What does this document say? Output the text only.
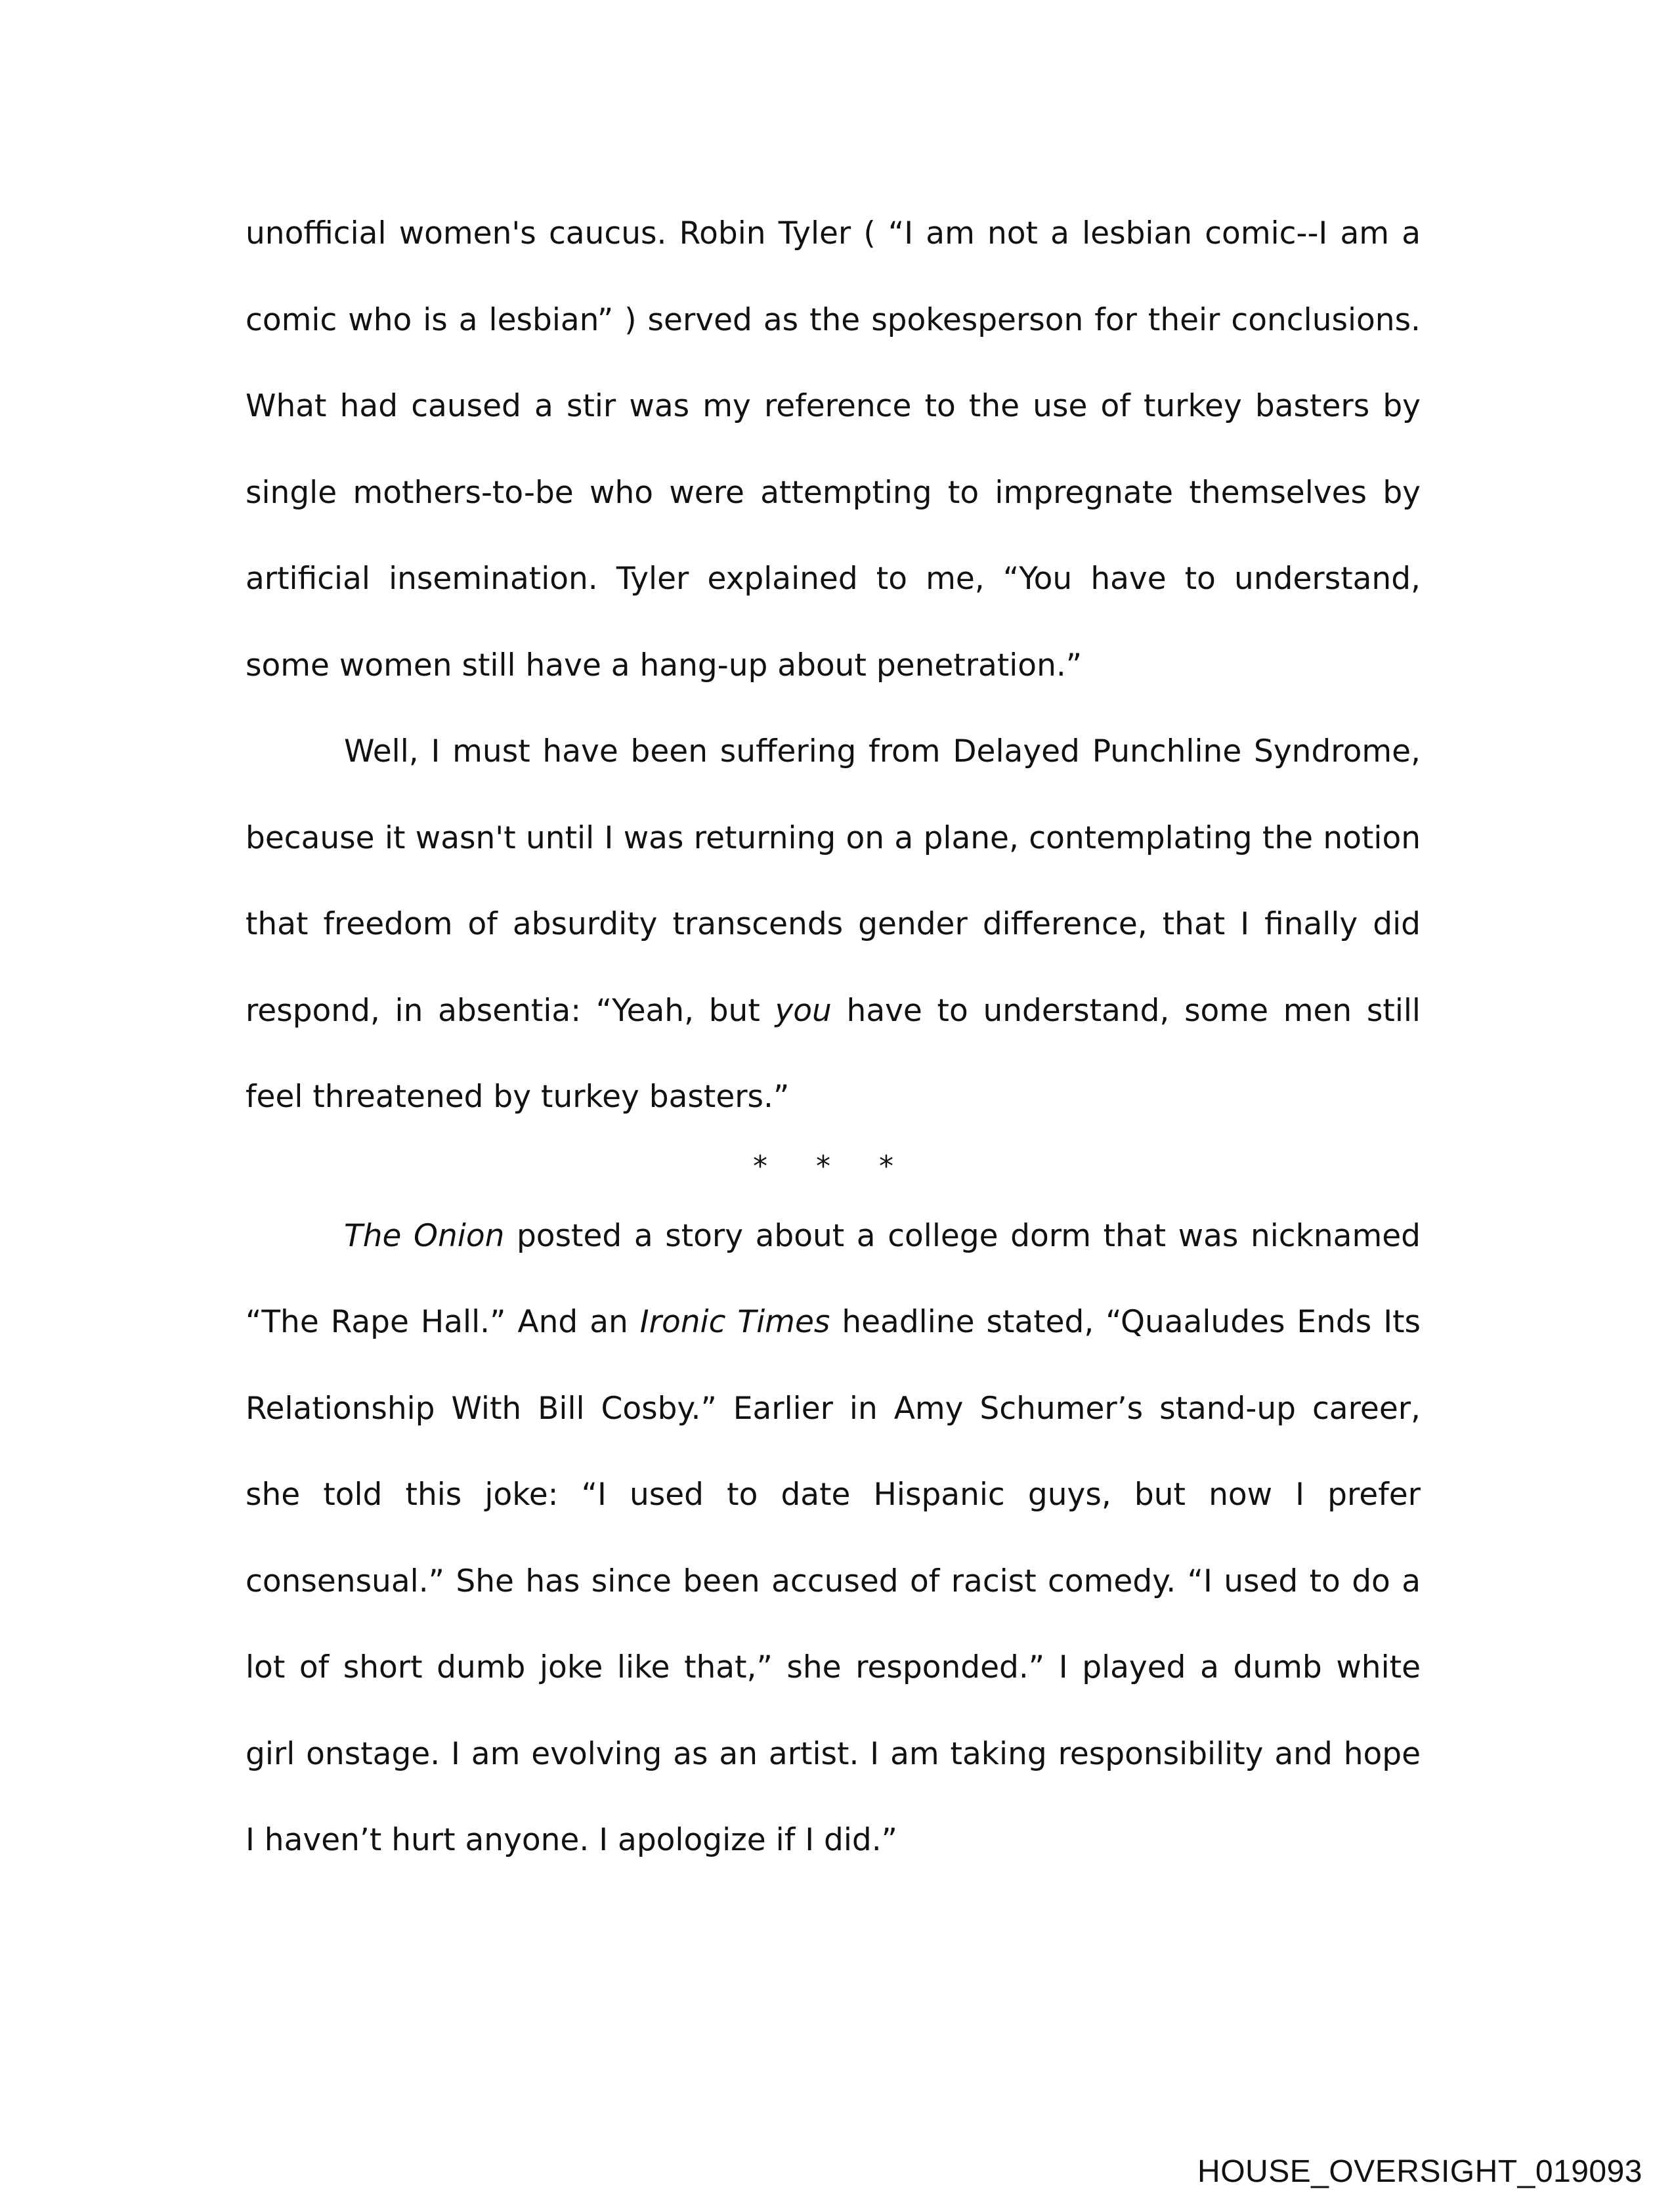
unofficial women's caucus. Robin Tyler ( “I am not a lesbian comic--I am a comic who is a lesbian” ) served as the spokesperson for their conclusions. What had caused a stir was my reference to the use of turkey basters by single mothers-to-be who were attempting to impregnate themselves by artificial insemination. Tyler explained to me, “You have to understand, some women still have a hang-up about penetration.”

Well, I must have been suffering from Delayed Punchline Syndrome, because it wasn't until I was returning on a plane, contemplating the notion that freedom of absurdity transcends gender difference, that I finally did respond, in absentia: “Yeah, but you have to understand, some men still feel threatened by turkey basters.”

* * *

The Onion posted a story about a college dorm that was nicknamed “The Rape Hall.” And an Ironic Times headline stated, “Quaaludes Ends Its Relationship With Bill Cosby.” Earlier in Amy Schumer’s stand-up career, she told this joke: “I used to date Hispanic guys, but now I prefer consensual.” She has since been accused of racist comedy. “I used to do a lot of short dumb joke like that,” she responded.” I played a dumb white girl onstage. I am evolving as an artist. I am taking responsibility and hope I haven’t hurt anyone. I apologize if I did.”

HOUSE_OVERSIGHT_019093
